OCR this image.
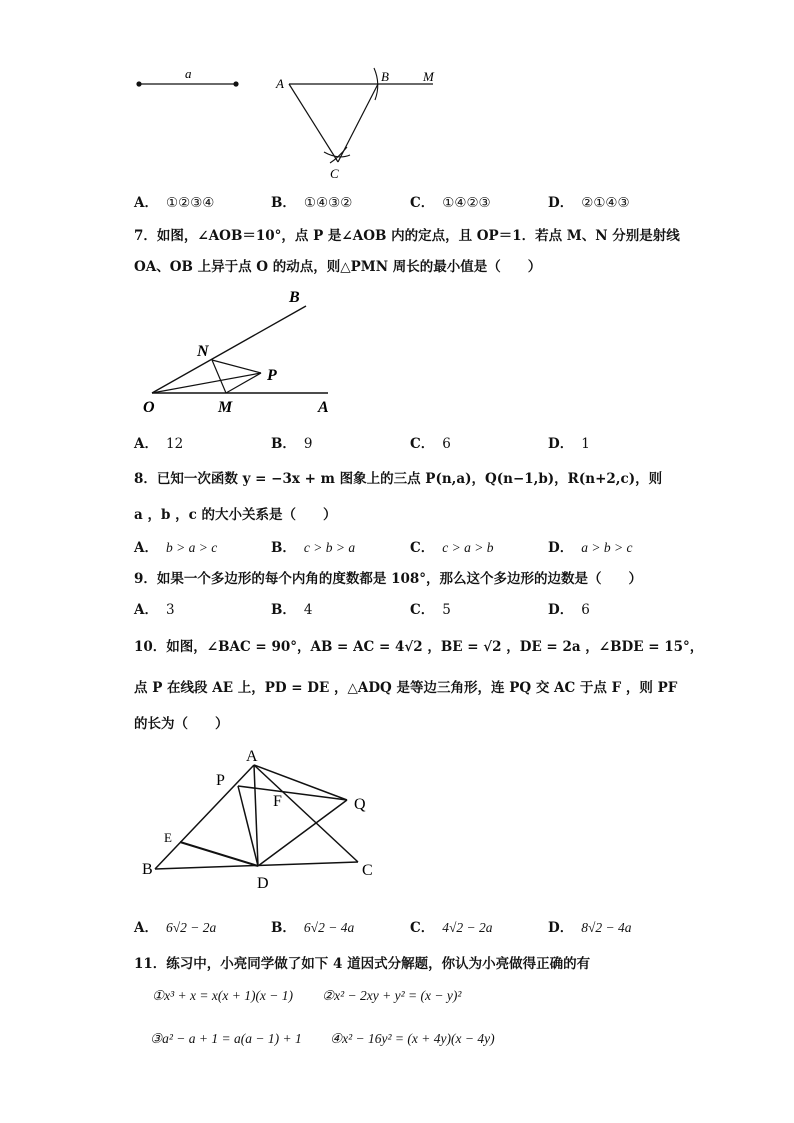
a
A	B	M
C
A． ①②③④	B． ①④③②	C． ①④②③	D． ②①④③
7．如图，∠AOB＝10°，点 P 是∠AOB 内的定点，且 OP＝1．若点 M、N 分别是射线
OA、OB 上异于点 O 的动点，则△PMN 周长的最小值是（　　）
B
N
P
O	M	A
A． 12	B． 9	C． 6	D． 1
8．已知一次函数 y = −3x + m 图象上的三点 P(n,a)，Q(n−1,b)，R(n+2,c)，则
a ，b ，c 的大小关系是（　　）
A． b > a > c	B． c > b > a	C． c > a > b	D． a > b > c
9．如果一个多边形的每个内角的度数都是 108°，那么这个多边形的边数是（　　）
A． 3	B． 4	C． 5	D． 6
10．如图，∠BAC = 90°，AB = AC = 4√2 ，BE = √2 ，DE = 2a ，∠BDE = 15°，
点 P 在线段 AE 上，PD = DE ，△ADQ 是等边三角形，连 PQ 交 AC 于点 F ，则 PF
的长为（　　）
A
P
F	Q
E
B
D
C
A． 6√2 − 2a	B． 6√2 − 4a	C． 4√2 − 2a	D． 8√2 − 4a
11．练习中，小亮同学做了如下 4 道因式分解题，你认为小亮做得正确的有
①x³ + x = x(x + 1)(x − 1) ②x² − 2xy + y² = (x − y)²
③a² − a + 1 = a(a − 1) + 1 ④x² − 16y² = (x + 4y)(x − 4y)
